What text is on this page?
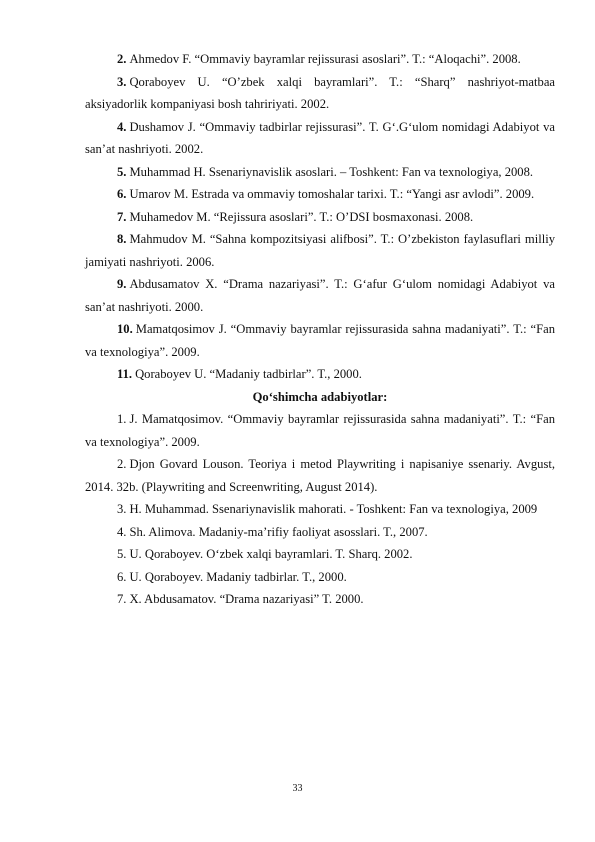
2. Ahmedov F. “Ommaviy bayramlar rejissurasi asoslari”. T.: “Aloqachi”. 2008.

3. Qoraboyev U. “O’zbek xalqi bayramlari”. T.: “Sharq” nashriyot-matbaa aksiyadorlik kompaniyasi bosh tahririyati. 2002.

4. Dushamov J. “Ommaviy tadbirlar rejissurasi”. T. G‘.G‘ulom nomidagi Adabiyot va san’at nashriyoti. 2002.

5. Muhammad H. Ssenariynavislik asoslari. – Toshkent: Fan va texnologiya, 2008.

6. Umarov M. Estrada va ommaviy tomoshalar tarixi. T.: “Yangi asr avlodi”. 2009.

7. Muhamedov M. “Rejissura asoslari”. T.: O’DSI bosmaxonasi. 2008.

8. Mahmudov M. “Sahna kompozitsiyasi alifbosi”. T.: O’zbekiston faylasuflari milliy jamiyati nashriyoti. 2006.

9. Abdusamatov X. “Drama nazariyasi”. T.: G‘afur G‘ulom nomidagi Adabiyot va san’at nashriyoti. 2000.

10. Mamatqosimov J. “Ommaviy bayramlar rejissurasida sahna madaniyati”. T.: “Fan va texnologiya”. 2009.

11. Qoraboyev U. “Madaniy tadbirlar”. T., 2000.

Qo‘shimcha adabiyotlar:

1. J. Mamatqosimov. “Ommaviy bayramlar rejissurasida sahna madaniyati”. T.: “Fan va texnologiya”. 2009.

2. Djon Govard Louson. Teoriya i metod Playwriting i napisaniye ssenariy. Avgust, 2014. 32b. (Playwriting and Screenwriting, August 2014).

3. H. Muhammad. Ssenariynavislik mahorati. - Toshkent: Fan va texnologiya, 2009

4. Sh. Alimova. Madaniy-ma’rifiy faoliyat asosslari. T., 2007.

5. U. Qoraboyev. O‘zbek xalqi bayramlari. T. Sharq. 2002.

6. U. Qoraboyev. Madaniy tadbirlar. T., 2000.

7. X. Abdusamatov. “Drama nazariyasi” T. 2000.

33
